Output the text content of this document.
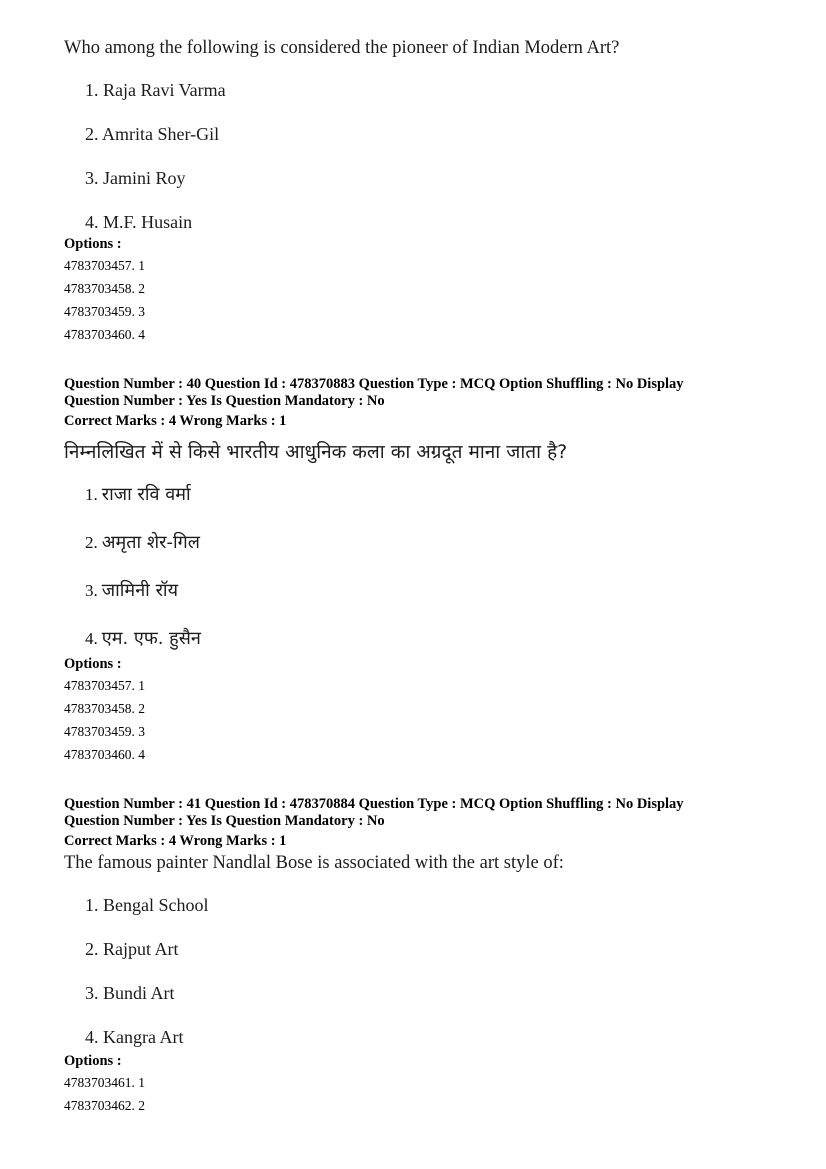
Who among the following is considered the pioneer of Indian Modern Art?
1. Raja Ravi Varma
2. Amrita Sher-Gil
3. Jamini Roy
4. M.F. Husain
Options :
4783703457. 1
4783703458. 2
4783703459. 3
4783703460. 4
Question Number : 40 Question Id : 478370883 Question Type : MCQ Option Shuffling : No Display
Question Number : Yes Is Question Mandatory : No
Correct Marks : 4 Wrong Marks : 1
निम्नलिखित में से किसे भारतीय आधुनिक कला का अग्रदूत माना जाता है?
1. राजा रवि वर्मा
2. अमृता शेर-गिल
3. जामिनी रॉय
4. एम. एफ. हुसैन
Options :
4783703457. 1
4783703458. 2
4783703459. 3
4783703460. 4
Question Number : 41 Question Id : 478370884 Question Type : MCQ Option Shuffling : No Display
Question Number : Yes Is Question Mandatory : No
Correct Marks : 4 Wrong Marks : 1
The famous painter Nandlal Bose is associated with the art style of:
1. Bengal School
2. Rajput Art
3. Bundi Art
4. Kangra Art
Options :
4783703461. 1
4783703462. 2
